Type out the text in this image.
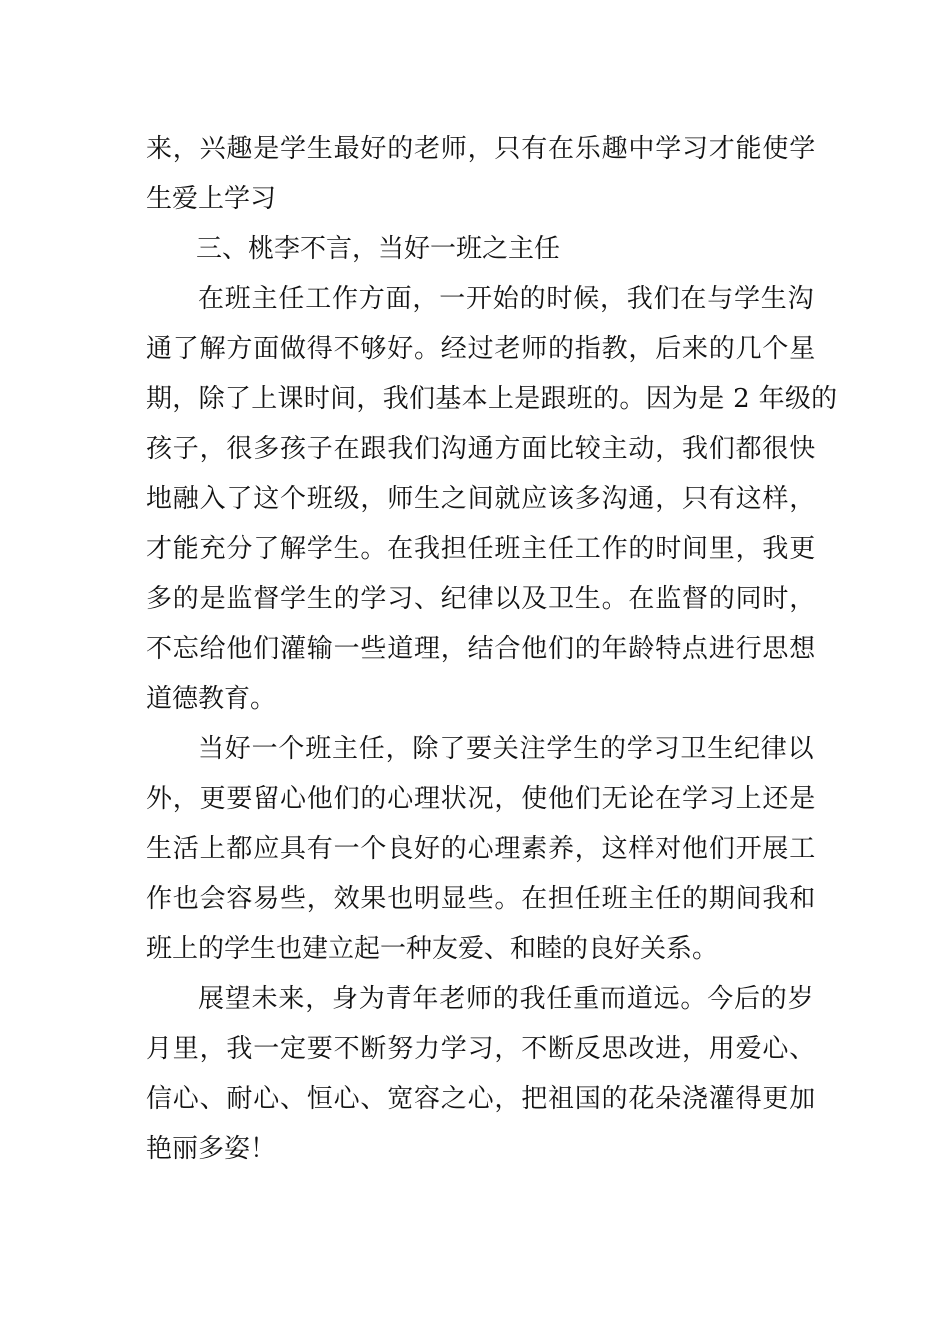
来，兴趣是学生最好的老师，只有在乐趣中学习才能使学
生爱上学习
三、桃李不言，当好一班之主任
在班主任工作方面，一开始的时候，我们在与学生沟
通了解方面做得不够好。经过老师的指教，后来的几个星
期，除了上课时间，我们基本上是跟班的。因为是 2 年级的
孩子，很多孩子在跟我们沟通方面比较主动，我们都很快
地融入了这个班级，师生之间就应该多沟通，只有这样，
才能充分了解学生。在我担任班主任工作的时间里，我更
多的是监督学生的学习、纪律以及卫生。在监督的同时，
不忘给他们灌输一些道理，结合他们的年龄特点进行思想
道德教育。
当好一个班主任，除了要关注学生的学习卫生纪律以
外，更要留心他们的心理状况，使他们无论在学习上还是
生活上都应具有一个良好的心理素养，这样对他们开展工
作也会容易些，效果也明显些。在担任班主任的期间我和
班上的学生也建立起一种友爱、和睦的良好关系。
展望未来，身为青年老师的我任重而道远。今后的岁
月里，我一定要不断努力学习，不断反思改进，用爱心、
信心、耐心、恒心、宽容之心，把祖国的花朵浇灌得更加
艳丽多姿！
